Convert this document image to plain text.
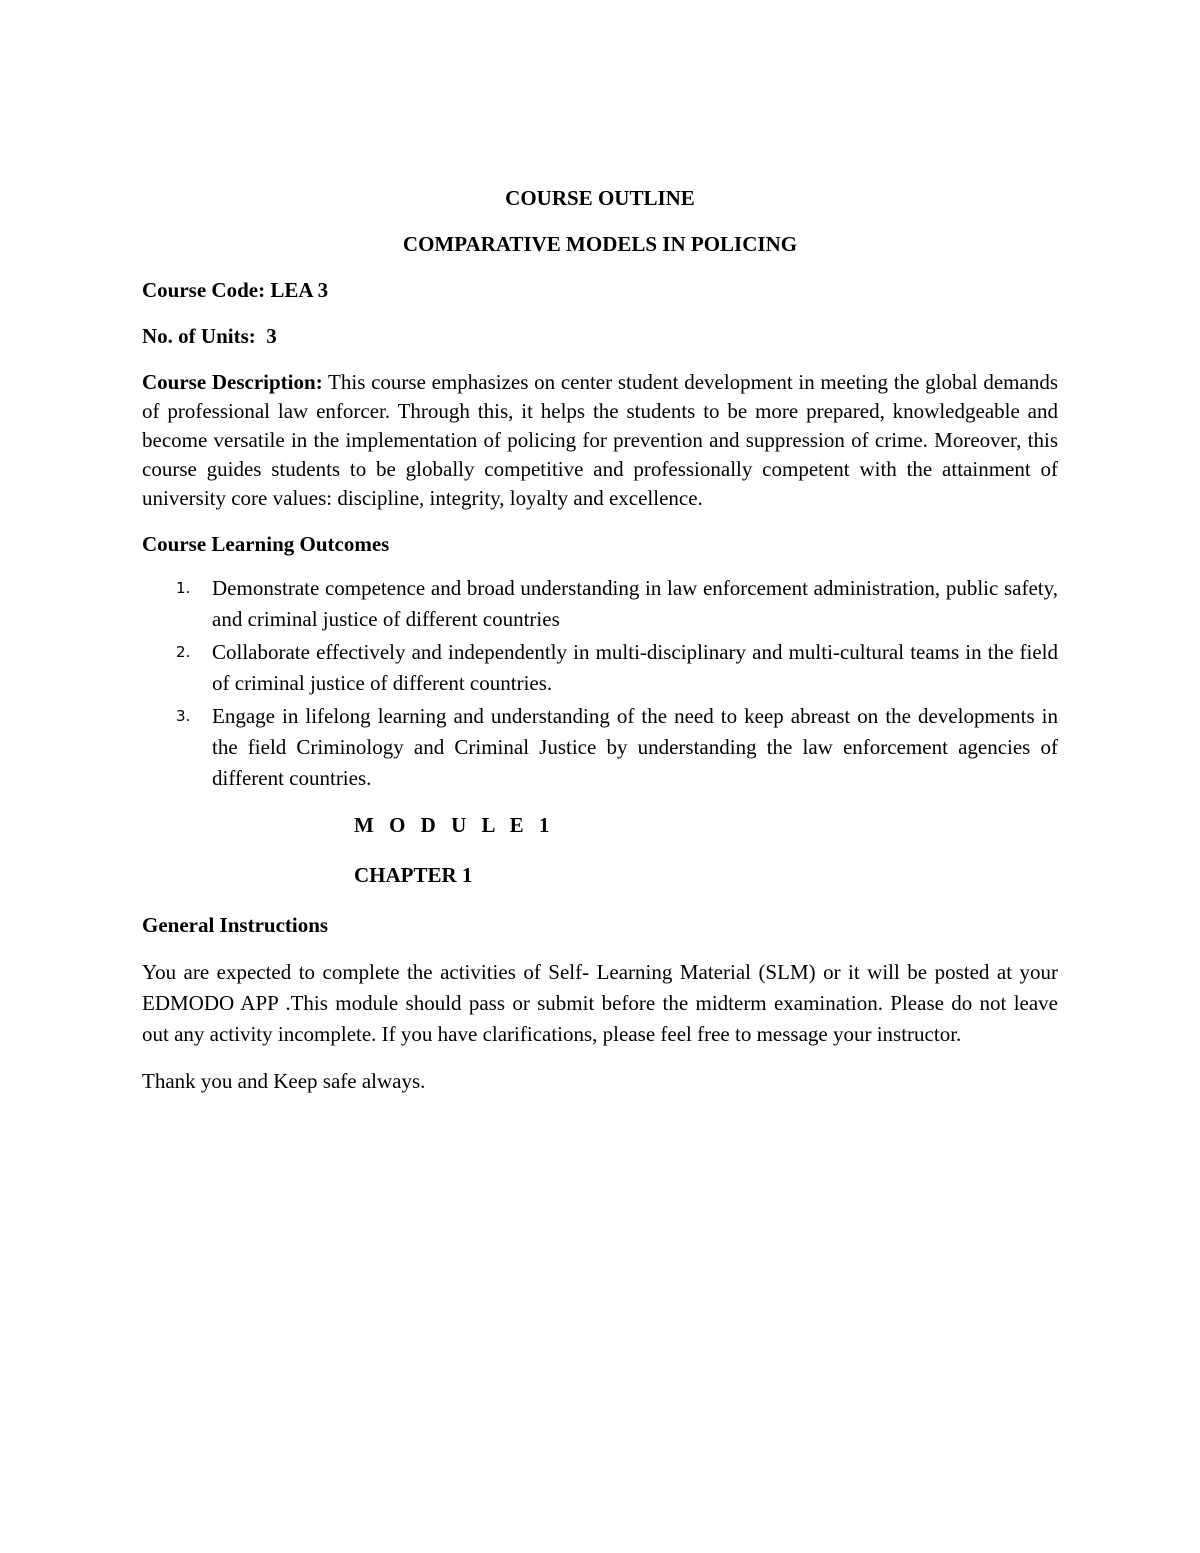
COURSE OUTLINE
COMPARATIVE MODELS IN POLICING
Course Code: LEA 3
No. of Units: 3
Course Description: This course emphasizes on center student development in meeting the global demands of professional law enforcer. Through this, it helps the students to be more prepared, knowledgeable and become versatile in the implementation of policing for prevention and suppression of crime. Moreover, this course guides students to be globally competitive and professionally competent with the attainment of university core values: discipline, integrity, loyalty and excellence.
Course Learning Outcomes
1. Demonstrate competence and broad understanding in law enforcement administration, public safety, and criminal justice of different countries
2. Collaborate effectively and independently in multi-disciplinary and multi-cultural teams in the field of criminal justice of different countries.
3. Engage in lifelong learning and understanding of the need to keep abreast on the developments in the field Criminology and Criminal Justice by understanding the law enforcement agencies of different countries.
M O D U L E 1
CHAPTER 1
General Instructions
You are expected to complete the activities of Self- Learning Material (SLM) or it will be posted at your EDMODO APP .This module should pass or submit before the midterm examination. Please do not leave out any activity incomplete. If you have clarifications, please feel free to message your instructor.
Thank you and Keep safe always.
